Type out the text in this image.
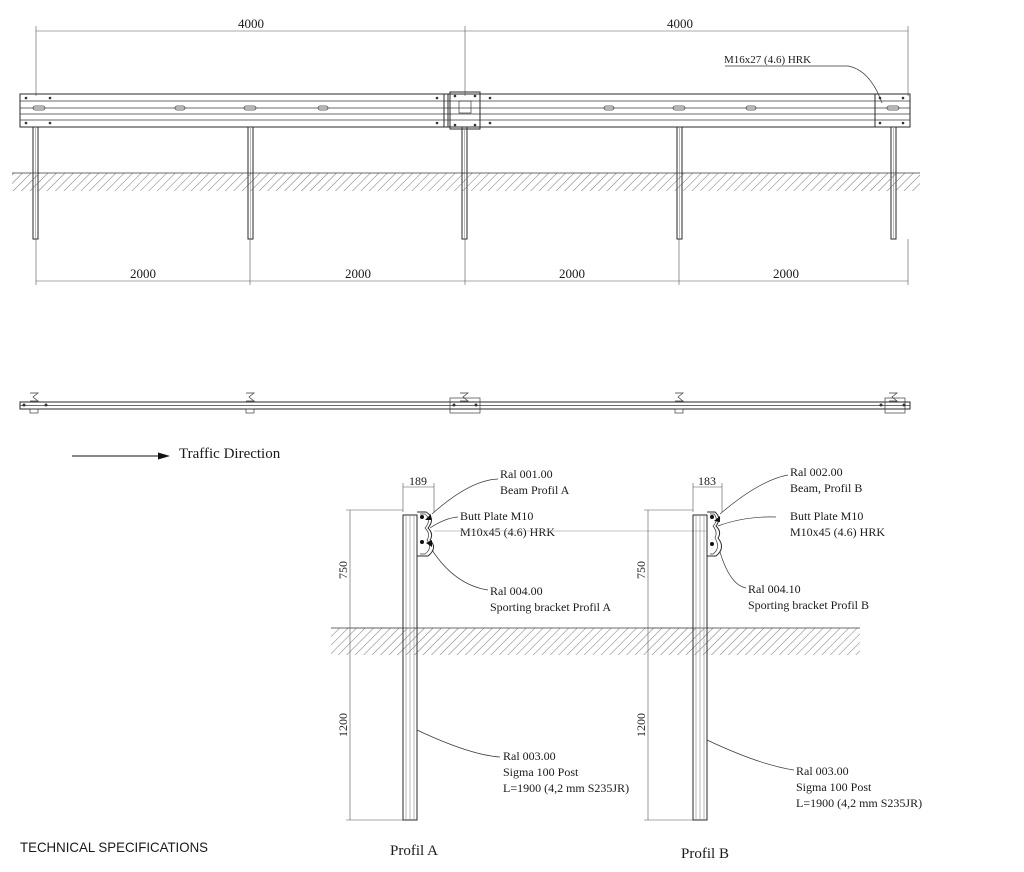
4000	4000
M16x27 (4.6) HRK
2000	2000	2000	2000
Traffic Direction
189
750
1200
Ral 001.00
Beam Profil A
Butt Plate M10
M10x45 (4.6) HRK
Ral 004.00
Sporting bracket Profil A
Ral 003.00
Sigma 100 Post
L=1900 (4,2 mm S235JR)
Profil A
183
750
1200
Ral 002.00
Beam, Profil B
Butt Plate M10
M10x45 (4.6) HRK
Ral 004.10
Sporting bracket Profil B
Ral 003.00
Sigma 100 Post
L=1900 (4,2 mm S235JR)
Profil B
TECHNICAL SPECIFICATIONS
